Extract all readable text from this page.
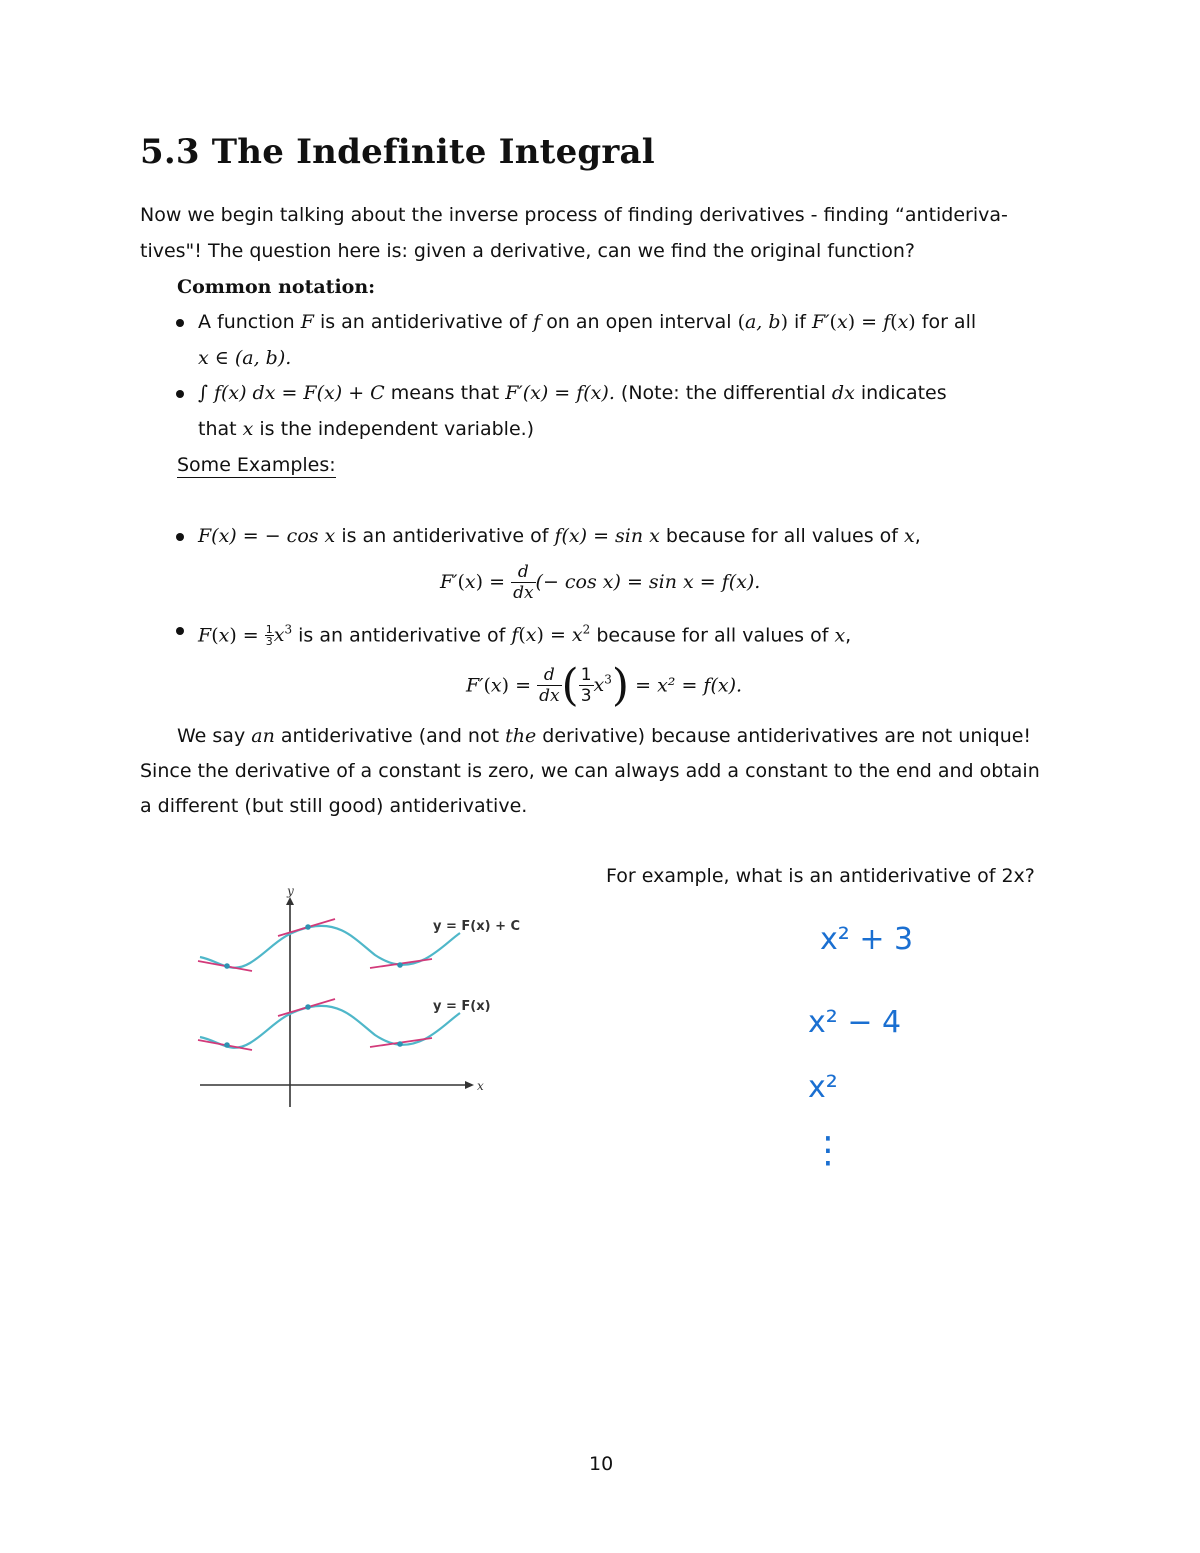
5.3 The Indefinite Integral
Now we begin talking about the inverse process of finding derivatives - finding “antideriva-
tives"! The question here is: given a derivative, can we find the original function?
Common notation:
A function F is an antiderivative of f on an open interval (a, b) if F′(x) = f(x) for all
x ∈ (a, b).
∫ f(x) dx = F(x) + C means that F′(x) = f(x). (Note: the differential dx indicates
that x is the independent variable.)
Some Examples:
F(x) = − cos x is an antiderivative of f(x) = sin x because for all values of x,
$F'(x) = \frac{d}{dx}$ (− cos x) = sin x = f(x).
$F(x) = \frac{1}{3} x^3$ is an antiderivative of $f(x) = x^2$ because for all values of x,
$F'(x) = \frac{d}{dx}$ ( $\frac{1}{3} x^3) = x^2 = f(x)$.
We say an antiderivative (and not the derivative) because antiderivatives are not unique!
Since the derivative of a constant is zero, we can always add a constant to the end and obtain
a different (but still good) antiderivative.
For example, what is an antiderivative of 2x?
y
x
y = F(x) + C
y = F(x)
x² + 3
x² − 4
x²
⋮
10
